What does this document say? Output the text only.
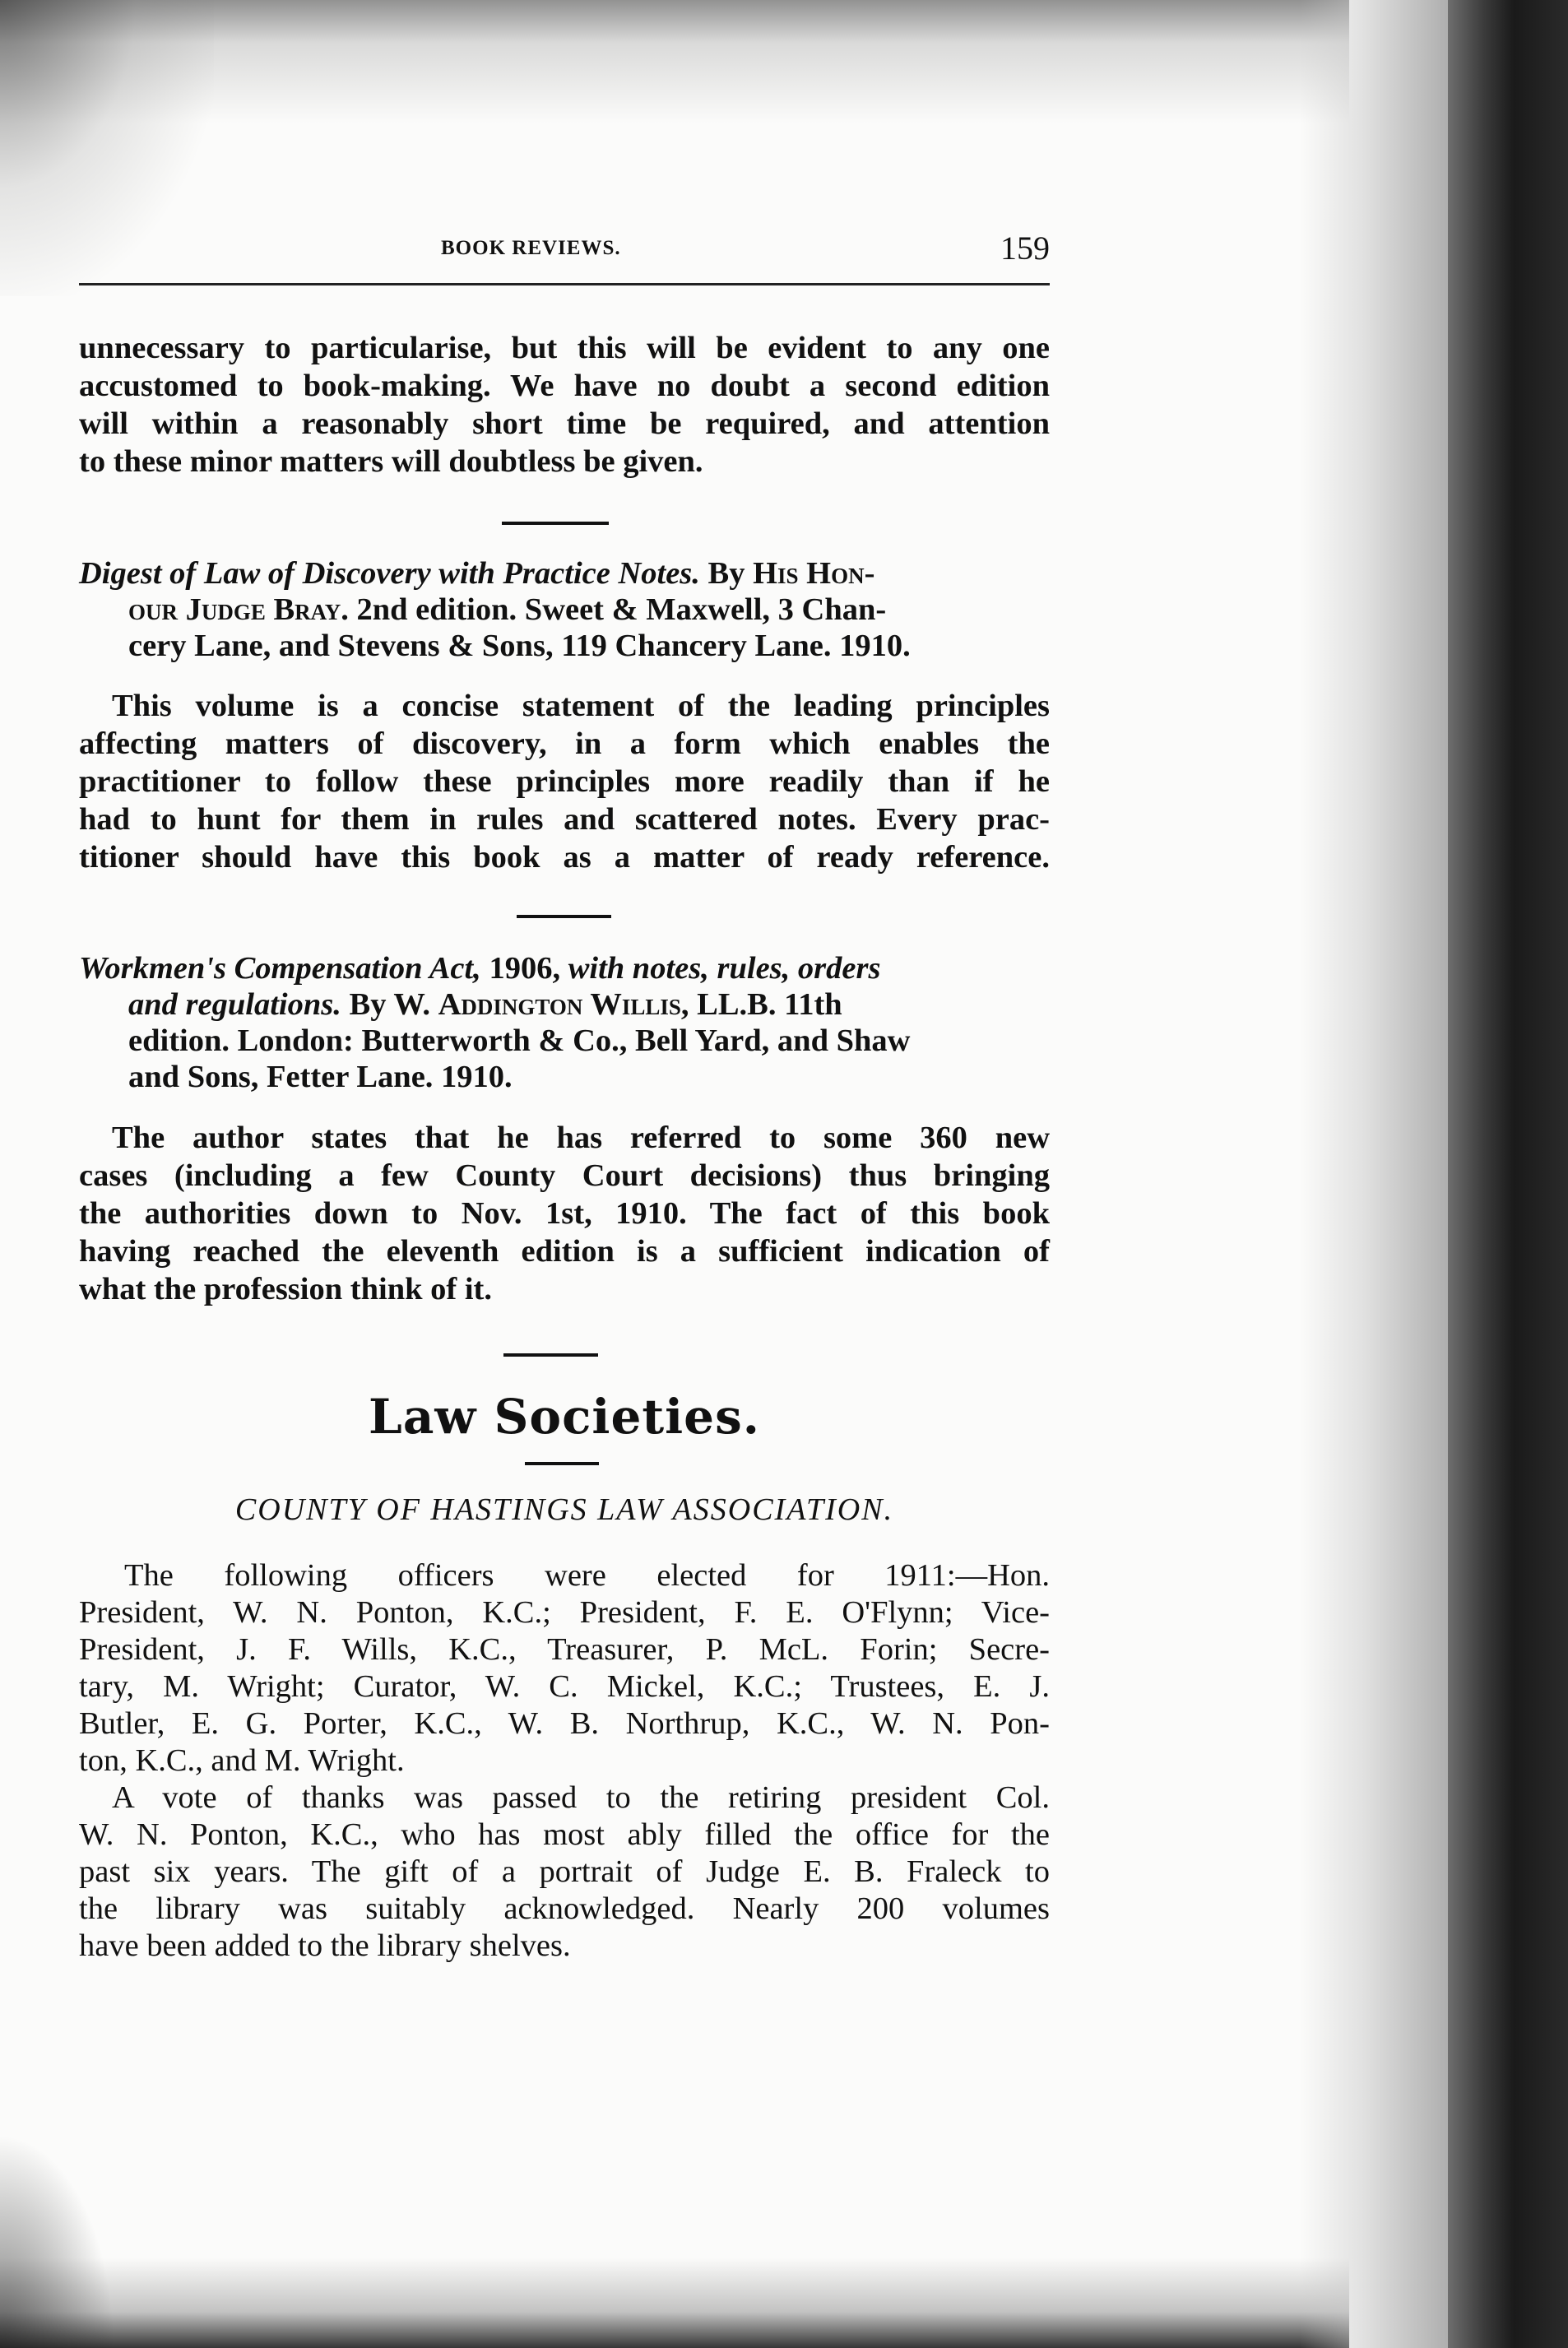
BOOK REVIEWS.	159
unnecessary to particularise, but this will be evident to any one
accustomed to book-making. We have no doubt a second edition
will within a reasonably short time be required, and attention
to these minor matters will doubtless be given.
Digest of Law of Discovery with Practice Notes. By His Hon-
our Judge Bray. 2nd edition. Sweet & Maxwell, 3 Chan-
cery Lane, and Stevens & Sons, 119 Chancery Lane. 1910.
This volume is a concise statement of the leading principles
affecting matters of discovery, in a form which enables the
practitioner to follow these principles more readily than if he
had to hunt for them in rules and scattered notes. Every prac-
titioner should have this book as a matter of ready reference.
Workmen's Compensation Act, 1906, with notes, rules, orders
and regulations. By W. Addington Willis, LL.B. 11th
edition. London: Butterworth & Co., Bell Yard, and Shaw
and Sons, Fetter Lane. 1910.
The author states that he has referred to some 360 new
cases (including a few County Court decisions) thus bringing
the authorities down to Nov. 1st, 1910. The fact of this book
having reached the eleventh edition is a sufficient indication of
what the profession think of it.
Law Societies.
COUNTY OF HASTINGS LAW ASSOCIATION.
The following officers were elected for 1911:—Hon.
President, W. N. Ponton, K.C.; President, F. E. O'Flynn; Vice-
President, J. F. Wills, K.C., Treasurer, P. McL. Forin; Secre-
tary, M. Wright; Curator, W. C. Mickel, K.C.; Trustees, E. J.
Butler, E. G. Porter, K.C., W. B. Northrup, K.C., W. N. Pon-
ton, K.C., and M. Wright.
A vote of thanks was passed to the retiring president Col.
W. N. Ponton, K.C., who has most ably filled the office for the
past six years. The gift of a portrait of Judge E. B. Fraleck to
the library was suitably acknowledged. Nearly 200 volumes
have been added to the library shelves.
